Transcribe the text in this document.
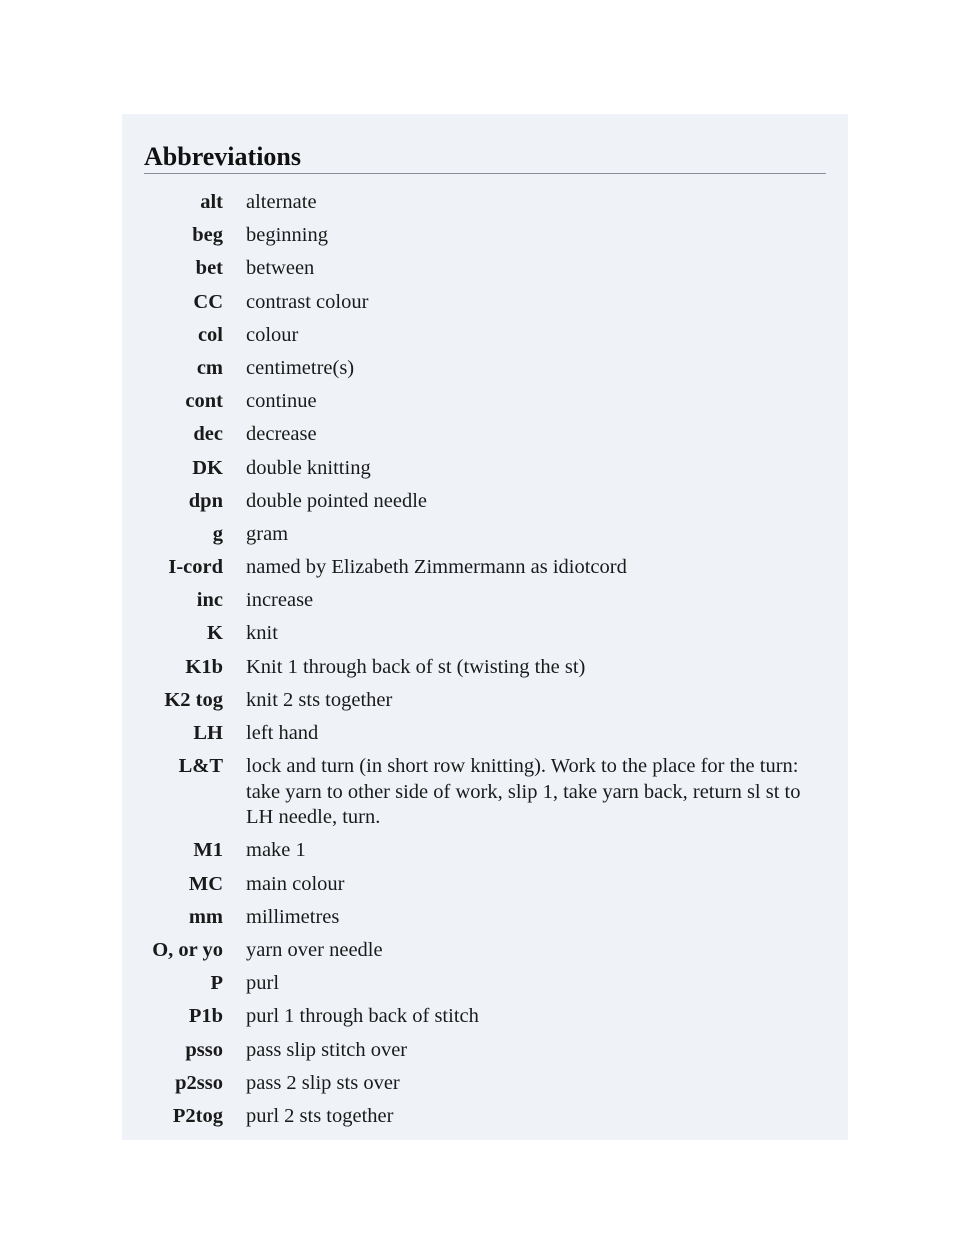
Abbreviations
alt alternate
beg beginning
bet between
CC contrast colour
col colour
cm centimetre(s)
cont continue
dec decrease
DK double knitting
dpn double pointed needle
g gram
I-cord named by Elizabeth Zimmermann as idiotcord
inc increase
K knit
K1b Knit 1 through back of st (twisting the st)
K2 tog knit 2 sts together
LH left hand
L&T lock and turn (in short row knitting). Work to the place for the turn: take yarn to other side of work, slip 1, take yarn back, return sl st to LH needle, turn.
M1 make 1
MC main colour
mm millimetres
O, or yo yarn over needle
P purl
P1b purl 1 through back of stitch
psso pass slip stitch over
p2sso pass 2 slip sts over
P2tog purl 2 sts together
